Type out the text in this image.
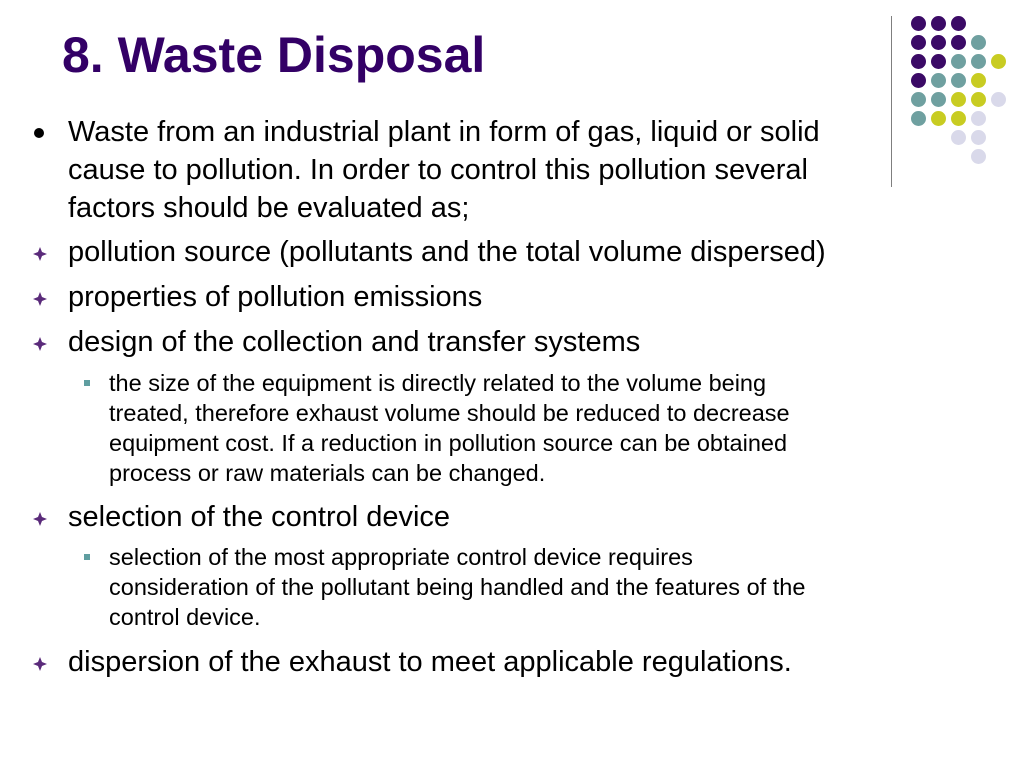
8. Waste Disposal
Waste from an industrial plant in form of gas, liquid or solid
cause to pollution. In order to control this pollution several
factors should be evaluated as;
pollution source (pollutants and the total volume dispersed)
properties of pollution emissions
design of the collection and transfer systems
the size of the equipment is directly related to the volume being
treated, therefore exhaust volume should be reduced to decrease
equipment cost. If a reduction in pollution source can be obtained
process or raw materials can be changed.
selection of the control device
selection of the most appropriate control device requires
consideration of the pollutant being handled and the features of the
control device.
dispersion of the exhaust to meet applicable regulations.
